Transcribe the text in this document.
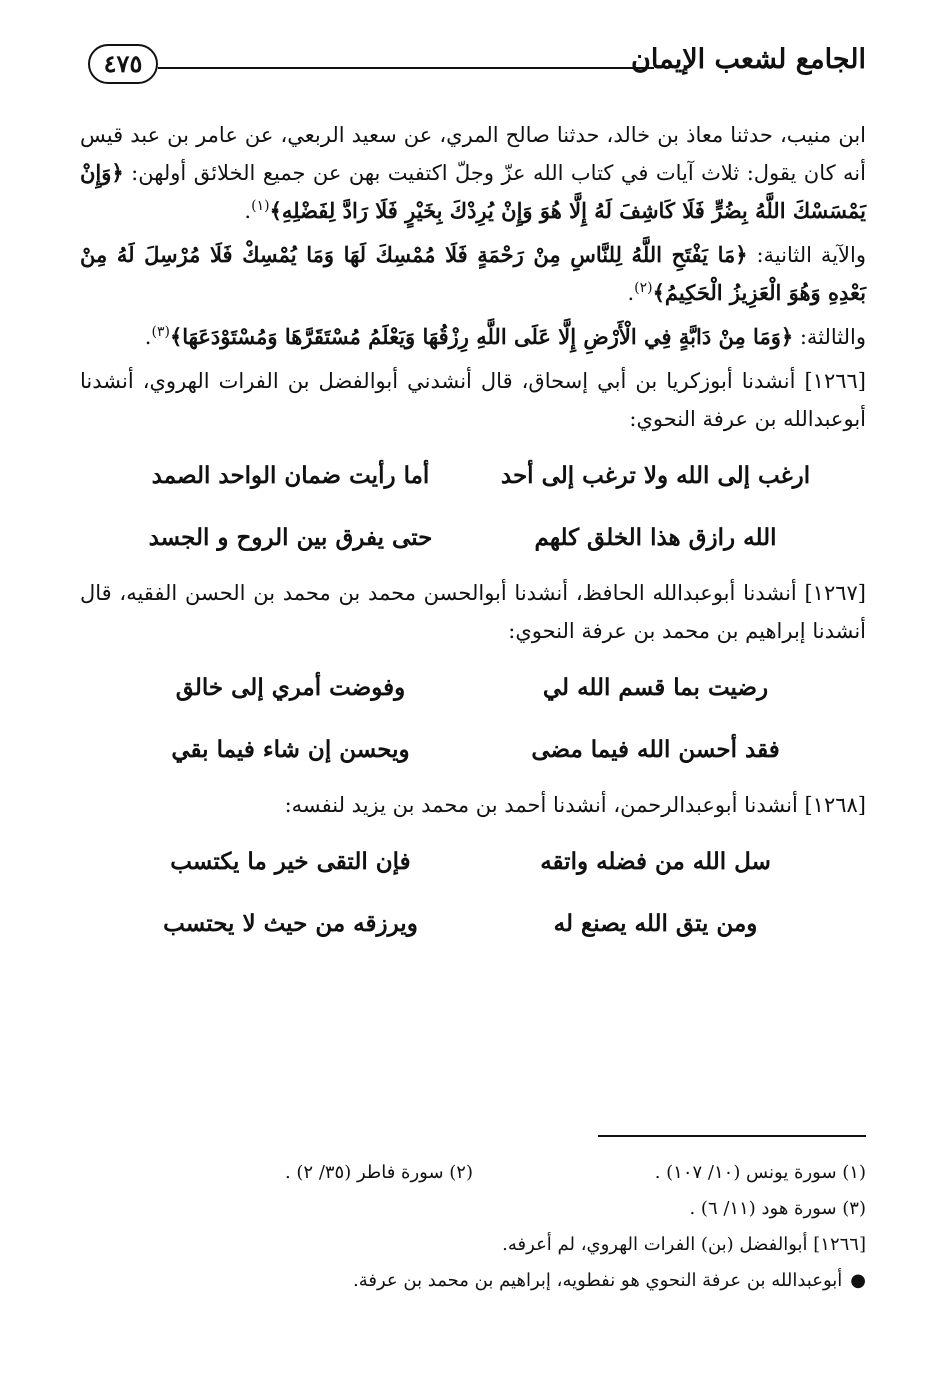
الجامع لشعب الإيمان
٤٧٥

ابن منيب، حدثنا معاذ بن خالد، حدثنا صالح المري، عن سعيد الربعي، عن عامر بن عبد قيس أنه كان يقول: ثلاث آيات في كتاب الله عزّ وجلّ اكتفيت بهن عن جميع الخلائق أولهن: ﴿وَإِنْ يَمْسَسْكَ اللَّهُ بِضُرٍّ فَلَا كَاشِفَ لَهُ إِلَّا هُوَ وَإِنْ يُرِدْكَ بِخَيْرٍ فَلَا رَادَّ لِفَضْلِهِ﴾$^{(١)}$.

والآية الثانية: ﴿مَا يَفْتَحِ اللَّهُ لِلنَّاسِ مِنْ رَحْمَةٍ فَلَا مُمْسِكَ لَهَا وَمَا يُمْسِكْ فَلَا مُرْسِلَ لَهُ مِنْ بَعْدِهِ وَهُوَ الْعَزِيزُ الْحَكِيمُ﴾$^{(٢)}$.

والثالثة: ﴿وَمَا مِنْ دَابَّةٍ فِي الْأَرْضِ إِلَّا عَلَى اللَّهِ رِزْقُهَا وَيَعْلَمُ مُسْتَقَرَّهَا وَمُسْتَوْدَعَهَا﴾$^{(٣)}$.

[١٢٦٦] أنشدنا أبوزكريا بن أبي إسحاق، قال أنشدني أبوالفضل بن الفرات الهروي، أنشدنا أبوعبدالله بن عرفة النحوي:

ارغب إلى الله ولا ترغب إلى أحد
أما رأيت ضمان الواحد الصمد
الله رازق هذا الخلق كلهم
حتى يفرق بين الروح و الجسد

[١٢٦٧] أنشدنا أبوعبدالله الحافظ، أنشدنا أبوالحسن محمد بن محمد بن الحسن الفقيه، قال أنشدنا إبراهيم بن محمد بن عرفة النحوي:

رضيت بما قسم الله لي
وفوضت أمري إلى خالق
فقد أحسن الله فيما مضى
ويحسن إن شاء فيما بقي

[١٢٦٨] أنشدنا أبوعبدالرحمن، أنشدنا أحمد بن محمد بن يزيد لنفسه:

سل الله من فضله واتقه
فإن التقى خير ما يكتسب
ومن يتق الله يصنع له
ويرزقه من حيث لا يحتسب
(١) سورة يونس (١٠/ ١٠٧) .
(٢) سورة فاطر (٣٥/ ٢) .
(٣) سورة هود (١١/ ٦) .
[١٢٦٦] أبوالفضل (بن) الفرات الهروي، لم أعرفه.
●أبوعبدالله بن عرفة النحوي هو نفطويه، إبراهيم بن محمد بن عرفة.
